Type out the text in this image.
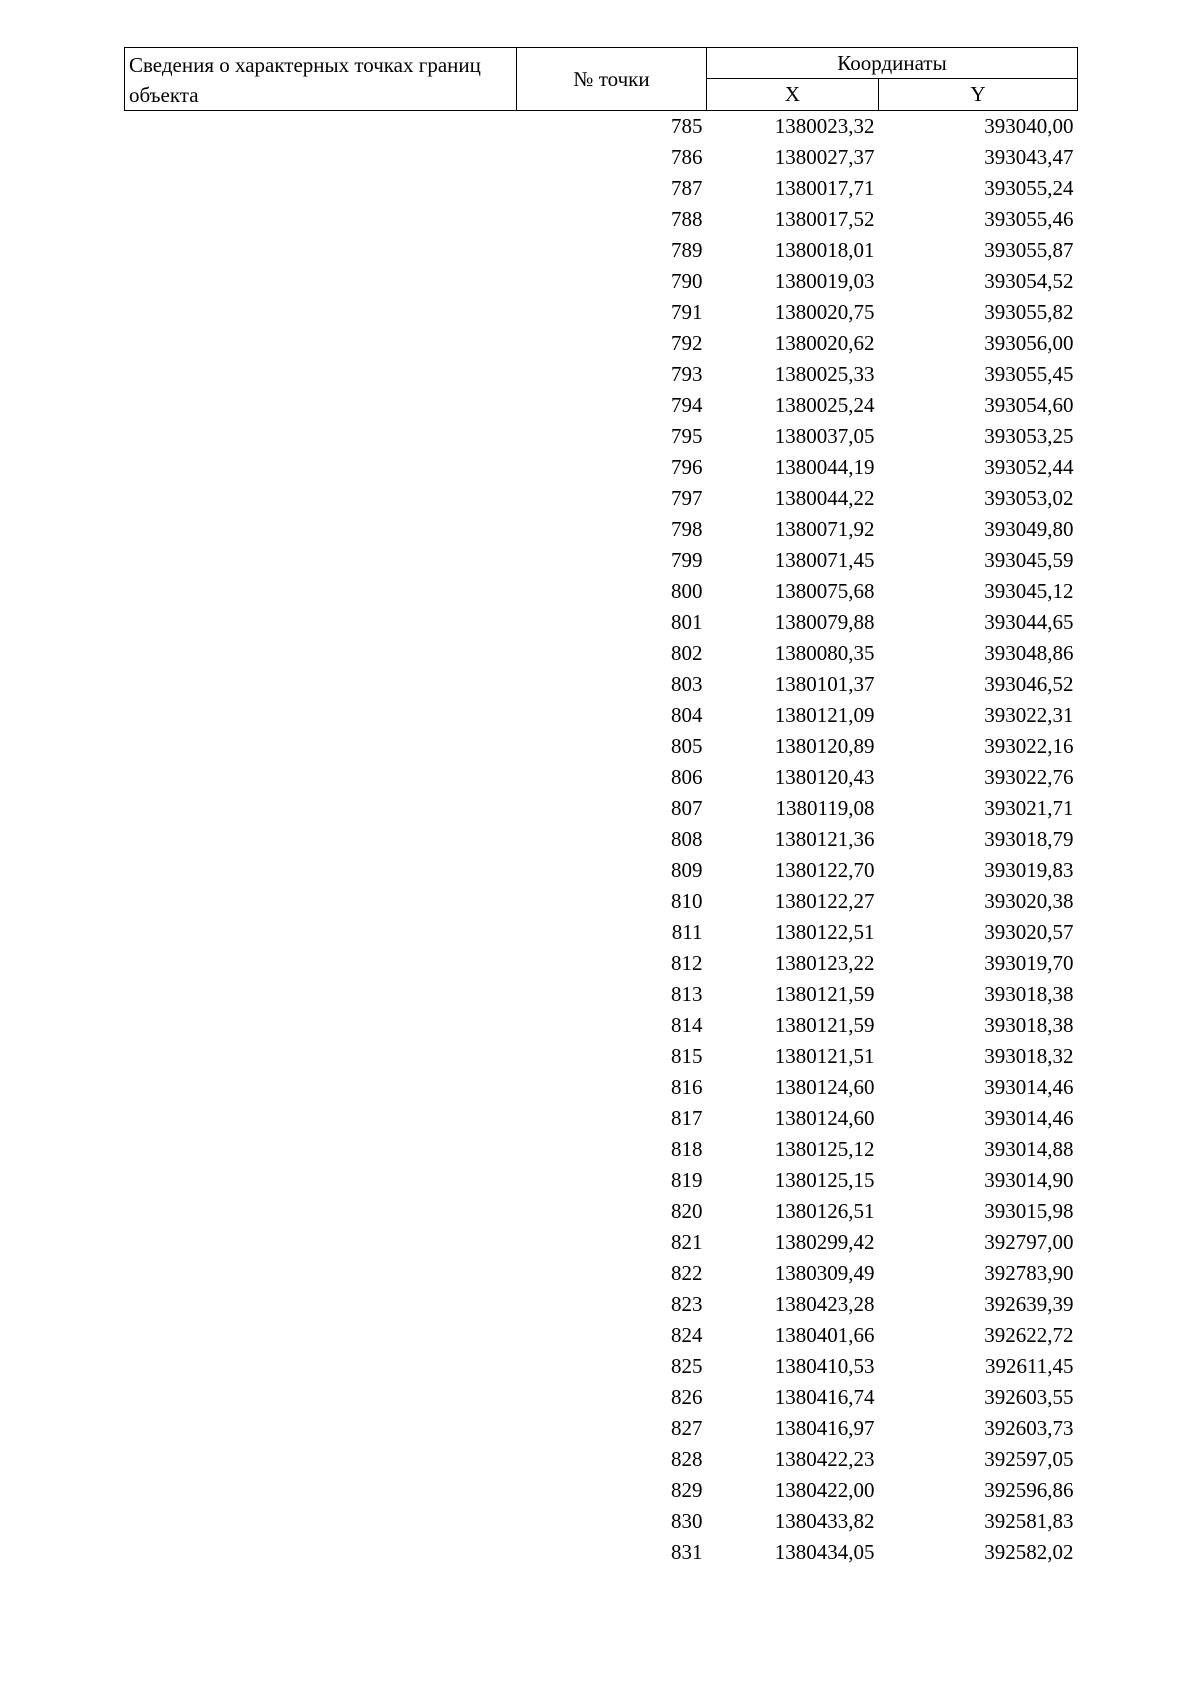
Сведения о характерных точках границ объекта	№ точки	Координаты	
		X	Y
	785	1380023,32	393040,00
	786	1380027,37	393043,47
	787	1380017,71	393055,24
	788	1380017,52	393055,46
	789	1380018,01	393055,87
	790	1380019,03	393054,52
	791	1380020,75	393055,82
	792	1380020,62	393056,00
	793	1380025,33	393055,45
	794	1380025,24	393054,60
	795	1380037,05	393053,25
	796	1380044,19	393052,44
	797	1380044,22	393053,02
	798	1380071,92	393049,80
	799	1380071,45	393045,59
	800	1380075,68	393045,12
	801	1380079,88	393044,65
	802	1380080,35	393048,86
	803	1380101,37	393046,52
	804	1380121,09	393022,31
	805	1380120,89	393022,16
	806	1380120,43	393022,76
	807	1380119,08	393021,71
	808	1380121,36	393018,79
	809	1380122,70	393019,83
	810	1380122,27	393020,38
	811	1380122,51	393020,57
	812	1380123,22	393019,70
	813	1380121,59	393018,38
	814	1380121,59	393018,38
	815	1380121,51	393018,32
	816	1380124,60	393014,46
	817	1380124,60	393014,46
	818	1380125,12	393014,88
	819	1380125,15	393014,90
	820	1380126,51	393015,98
	821	1380299,42	392797,00
	822	1380309,49	392783,90
	823	1380423,28	392639,39
	824	1380401,66	392622,72
	825	1380410,53	392611,45
	826	1380416,74	392603,55
	827	1380416,97	392603,73
	828	1380422,23	392597,05
	829	1380422,00	392596,86
	830	1380433,82	392581,83
	831	1380434,05	392582,02
